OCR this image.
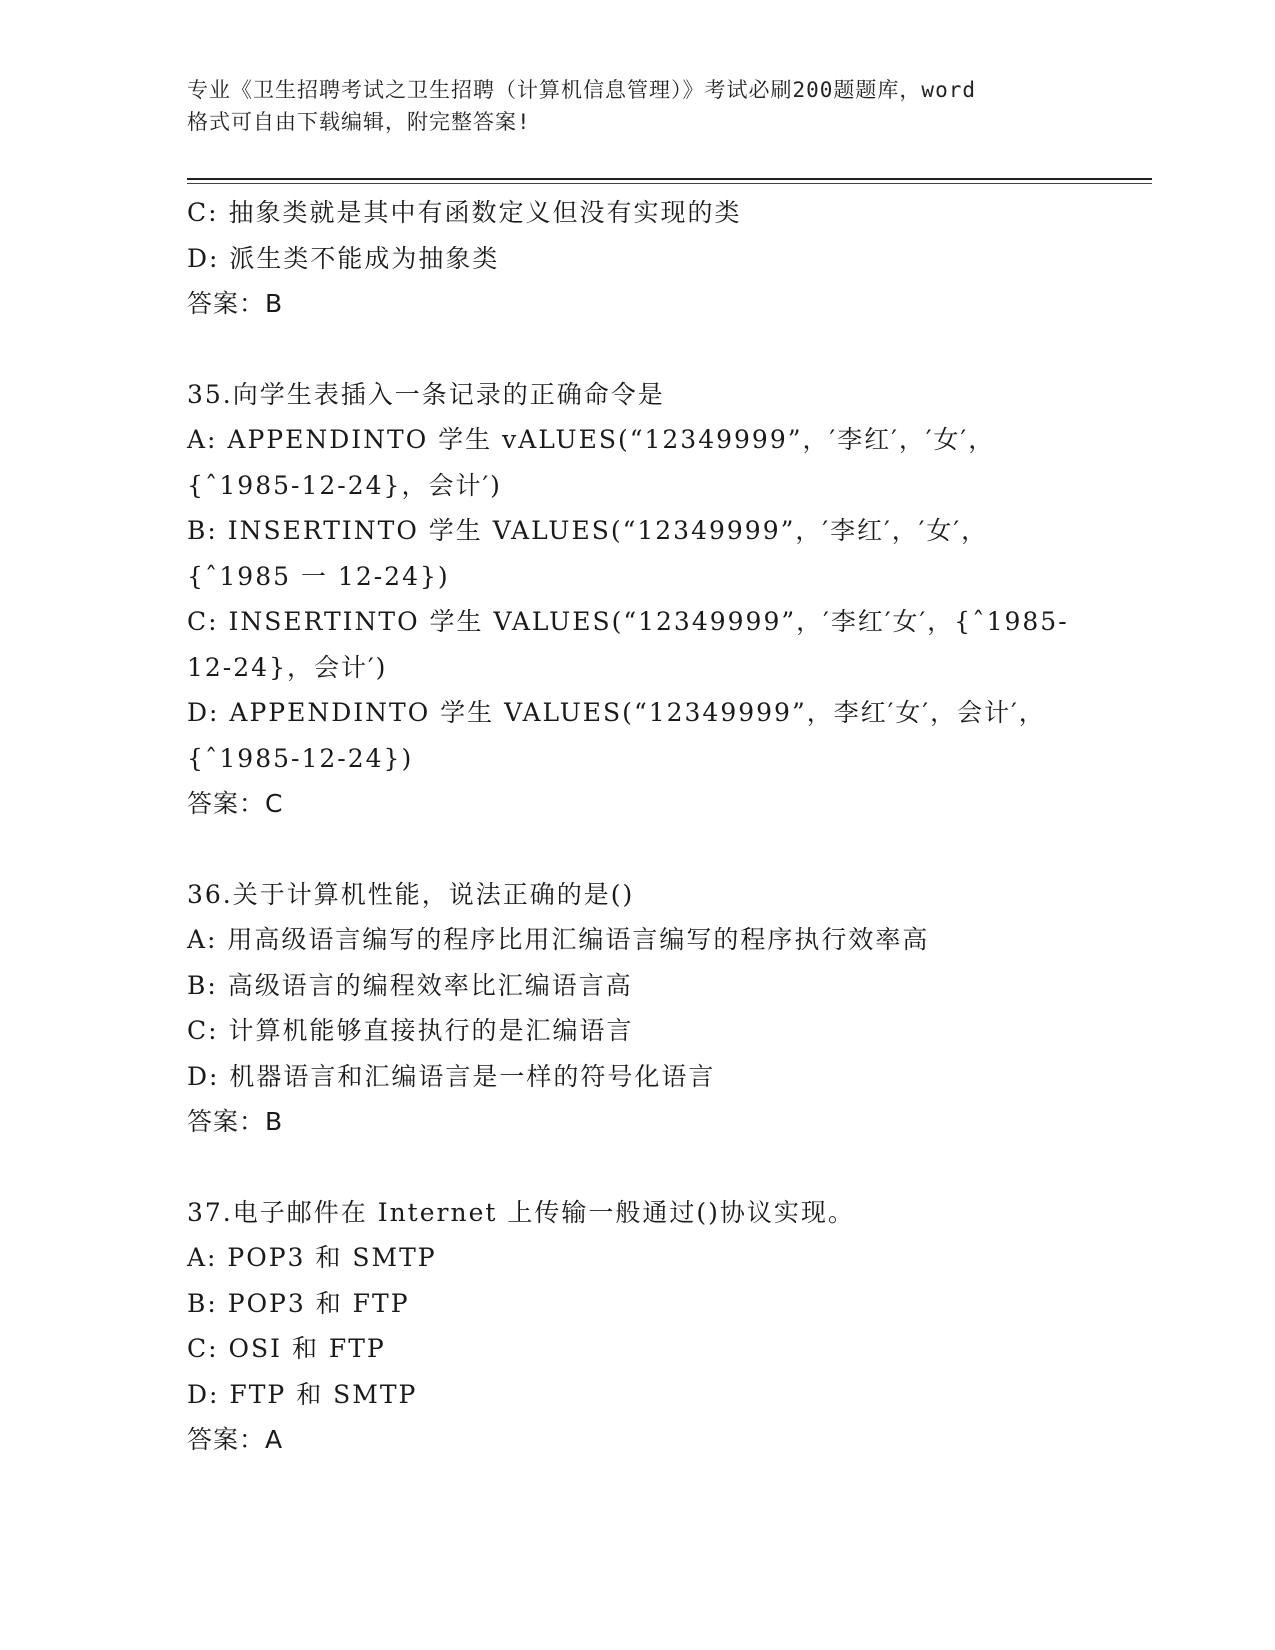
专业《卫生招聘考试之卫生招聘（计算机信息管理）》考试必刷200题题库，word
格式可自由下载编辑，附完整答案!
C: 抽象类就是其中有函数定义但没有实现的类
D: 派生类不能成为抽象类
答案：B
35.向学生表插入一条记录的正确命令是
A: APPENDINTO 学生 vALUES(“12349999”，′李红′，′女′，
{ˆ1985-12-24}，会计′)
B: INSERTINTO 学生 VALUES(“12349999”，′李红′，′女′，
{ˆ1985 一 12-24})
C: INSERTINTO 学生 VALUES(“12349999”，′李红′女′，{ˆ1985-
12-24}，会计′)
D: APPENDINTO 学生 VALUES(“12349999”，李红′女′，会计′，
{ˆ1985-12-24})
答案：C
36.关于计算机性能，说法正确的是()
A: 用高级语言编写的程序比用汇编语言编写的程序执行效率高
B: 高级语言的编程效率比汇编语言高
C: 计算机能够直接执行的是汇编语言
D: 机器语言和汇编语言是一样的符号化语言
答案：B
37.电子邮件在 Internet 上传输一般通过()协议实现。
A: POP3 和 SMTP
B: POP3 和 FTP
C: OSI 和 FTP
D: FTP 和 SMTP
答案：A
